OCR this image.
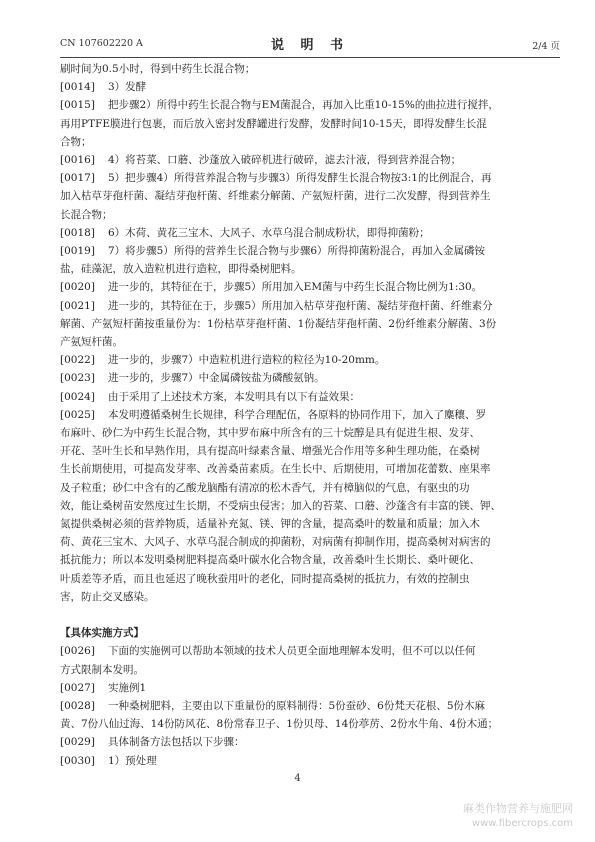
CN 107602220 A	说 明 书	2/4 页
刷时间为0.5小时，得到中药生长混合物；
[0014] 3）发酵
[0015] 把步骤2）所得中药生长混合物与EM菌混合，再加入比重10-15%的曲拉进行搅拌，
再用PTFE膜进行包裹，而后放入密封发酵罐进行发酵，发酵时间10-15天，即得发酵生长混
合物；
[0016] 4）将苔菜、口蘑、沙蓬放入破碎机进行破碎，滤去汁液，得到营养混合物；
[0017] 5）把步骤4）所得营养混合物与步骤3）所得发酵生长混合物按3:1的比例混合，再
加入枯草芽孢杆菌、凝结芽孢杆菌、纤维素分解菌、产氨短杆菌，进行二次发酵，得到营养生
长混合物；
[0018] 6）木荷、黄花三宝木、大风子、水草乌混合制成粉状，即得抑菌粉；
[0019] 7）将步骤5）所得的营养生长混合物与步骤6）所得抑菌粉混合，再加入金属磷铵
盐，硅藻泥，放入造粒机进行造粒，即得桑树肥料。
[0020] 进一步的，其特征在于，步骤5）所用加入EM菌与中药生长混合物比例为1:30。
[0021] 进一步的，其特征在于，步骤5）所用加入枯草芽孢杆菌、凝结芽孢杆菌、纤维素分
解菌、产氨短杆菌按重量份为：1份枯草芽孢杆菌、1份凝结芽孢杆菌、2份纤维素分解菌、3份
产氨短杆菌。
[0022] 进一步的，步骤7）中造粒机进行造粒的粒径为10-20mm。
[0023] 进一步的，步骤7）中金属磷铵盐为磷酸氨钠。
[0024] 由于采用了上述技术方案，本发明具有以下有益效果：
[0025] 本发明遵循桑树生长规律，科学合理配伍，各原料的协同作用下，加入了麋穰、罗
布麻叶、砂仁为中药生长混合物，其中罗布麻中所含有的三十烷醇是具有促进生根、发芽、
开花、茎叶生长和早熟作用，具有提高叶绿素含量、增强光合作用等多种生理功能，在桑树
生长前期使用，可提高发芽率、改善桑苗素质。在生长中、后期使用，可增加花蕾数、座果率
及子粒重；砂仁中含有的乙酸龙脑酯有清凉的松木香气，并有樟脑似的气息，有驱虫的功
效，能让桑树苗安然度过生长期，不受病虫侵害；加入的苔菜、口蘑、沙蓬含有丰富的镁、钾、
氮提供桑树必须的营养物质，适量补充氮、镁、钾的含量，提高桑叶的数量和质量；加入木
荷、黄花三宝木、大风子、水草乌混合制成的抑菌粉，对病菌有抑制作用，提高桑树对病害的
抵抗能力；所以本发明桑树肥料提高桑叶碳水化合物含量，改善桑叶生长期长、桑叶硬化、
叶质差等矛盾，而且也延迟了晚秋蚕用叶的老化，同时提高桑树的抵抗力，有效的控制虫
害，防止交叉感染。
【具体实施方式】
[0026] 下面的实施例可以帮助本领域的技术人员更全面地理解本发明，但不可以以任何
方式限制本发明。
[0027] 实施例1
[0028] 一种桑树肥料，主要由以下重量份的原料制得：5份蚕砂、6份梵天花根、5份木麻
黄、7份八仙过海、14份防风花、8份常春卫子、1份贝母、14份葶苈、2份水牛角、4份木通；
[0029] 具体制备方法包括以下步骤：
[0030] 1）预处理
4
麻类作物营养与施肥网
www.fibercrops.com
